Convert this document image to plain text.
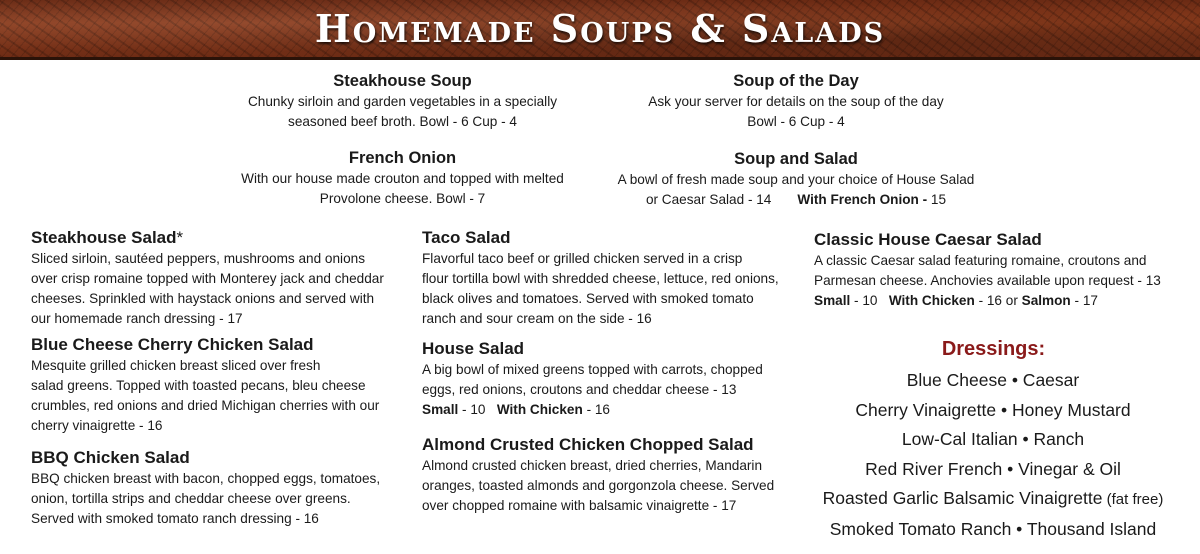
Homemade Soups & Salads
Steakhouse Soup
Chunky sirloin and garden vegetables in a specially
seasoned beef broth. Bowl - 6 Cup - 4
Soup of the Day
Ask your server for details on the soup of the day
Bowl - 6 Cup - 4
French Onion
With our house made crouton and topped with melted
Provolone cheese. Bowl - 7
Soup and Salad
A bowl of fresh made soup and your choice of House Salad
or Caesar Salad - 14 With French Onion - 15
Steakhouse Salad*
Sliced sirloin, sautéed peppers, mushrooms and onions
over crisp romaine topped with Monterey jack and cheddar
cheeses. Sprinkled with haystack onions and served with
our homemade ranch dressing - 17
Blue Cheese Cherry Chicken Salad
Mesquite grilled chicken breast sliced over fresh
salad greens. Topped with toasted pecans, bleu cheese
crumbles, red onions and dried Michigan cherries with our
cherry vinaigrette - 16
BBQ Chicken Salad
BBQ chicken breast with bacon, chopped eggs, tomatoes,
onion, tortilla strips and cheddar cheese over greens.
Served with smoked tomato ranch dressing - 16
Taco Salad
Flavorful taco beef or grilled chicken served in a crisp
flour tortilla bowl with shredded cheese, lettuce, red onions,
black olives and tomatoes. Served with smoked tomato
ranch and sour cream on the side - 16
House Salad
A big bowl of mixed greens topped with carrots, chopped
eggs, red onions, croutons and cheddar cheese - 13
Small - 10   With Chicken - 16
Almond Crusted Chicken Chopped Salad
Almond crusted chicken breast, dried cherries, Mandarin
oranges, toasted almonds and gorgonzola cheese. Served
over chopped romaine with balsamic vinaigrette - 17
Classic House Caesar Salad
A classic Caesar salad featuring romaine, croutons and
Parmesan cheese. Anchovies available upon request - 13
Small - 10   With Chicken - 16 or Salmon - 17
Dressings:
Blue Cheese • Caesar
Cherry Vinaigrette • Honey Mustard
Low-Cal Italian • Ranch
Red River French • Vinegar & Oil
Roasted Garlic Balsamic Vinaigrette (fat free)
Smoked Tomato Ranch • Thousand Island
